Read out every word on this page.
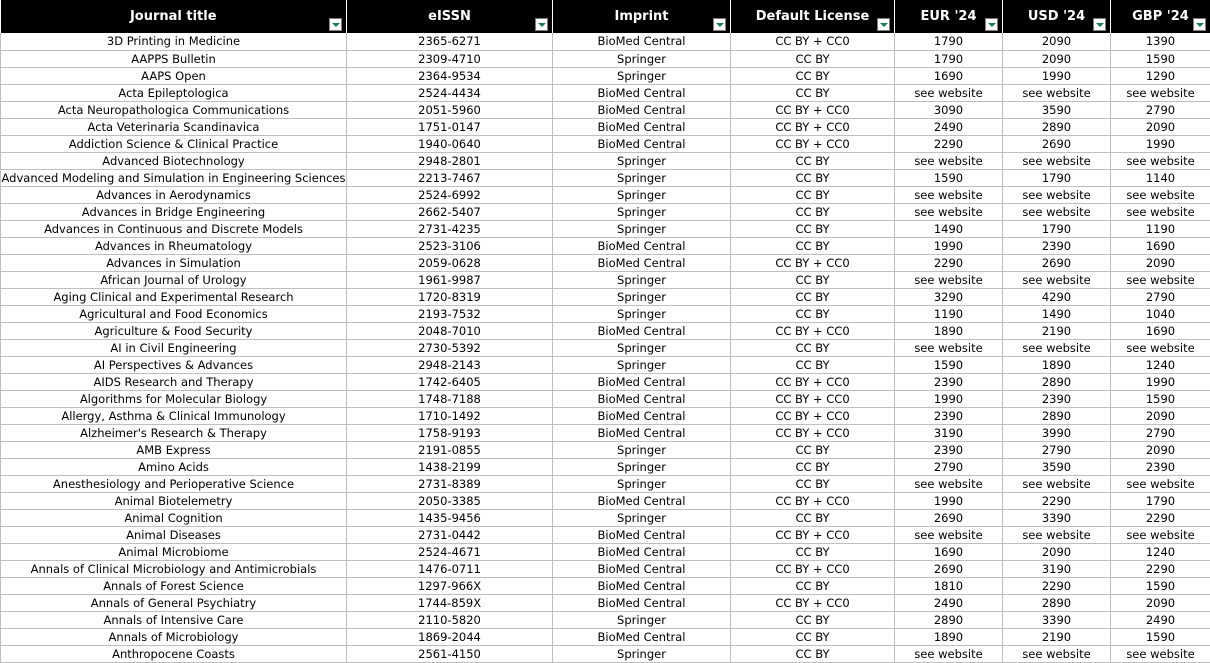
Journal title	eISSN	Imprint	Default License	EUR '24	USD '24	GBP '24

3D Printing in Medicine	2365-6271	BioMed Central	CC BY + CC0	1790	2090	1390
AAPPS Bulletin	2309-4710	Springer	CC BY	1790	2090	1590
AAPS Open	2364-9534	Springer	CC BY	1690	1990	1290
Acta Epileptologica	2524-4434	BioMed Central	CC BY	see website	see website	see website
Acta Neuropathologica Communications	2051-5960	BioMed Central	CC BY + CC0	3090	3590	2790
Acta Veterinaria Scandinavica	1751-0147	BioMed Central	CC BY + CC0	2490	2890	2090
Addiction Science & Clinical Practice	1940-0640	BioMed Central	CC BY + CC0	2290	2690	1990
Advanced Biotechnology	2948-2801	Springer	CC BY	see website	see website	see website
Advanced Modeling and Simulation in Engineering Sciences	2213-7467	Springer	CC BY	1590	1790	1140
Advances in Aerodynamics	2524-6992	Springer	CC BY	see website	see website	see website
Advances in Bridge Engineering	2662-5407	Springer	CC BY	see website	see website	see website
Advances in Continuous and Discrete Models	2731-4235	Springer	CC BY	1490	1790	1190
Advances in Rheumatology	2523-3106	BioMed Central	CC BY	1990	2390	1690
Advances in Simulation	2059-0628	BioMed Central	CC BY + CC0	2290	2690	2090
African Journal of Urology	1961-9987	Springer	CC BY	see website	see website	see website
Aging Clinical and Experimental Research	1720-8319	Springer	CC BY	3290	4290	2790
Agricultural and Food Economics	2193-7532	Springer	CC BY	1190	1490	1040
Agriculture & Food Security	2048-7010	BioMed Central	CC BY + CC0	1890	2190	1690
AI in Civil Engineering	2730-5392	Springer	CC BY	see website	see website	see website
AI Perspectives & Advances	2948-2143	Springer	CC BY	1590	1890	1240
AIDS Research and Therapy	1742-6405	BioMed Central	CC BY + CC0	2390	2890	1990
Algorithms for Molecular Biology	1748-7188	BioMed Central	CC BY + CC0	1990	2390	1590
Allergy, Asthma & Clinical Immunology	1710-1492	BioMed Central	CC BY + CC0	2390	2890	2090
Alzheimer's Research & Therapy	1758-9193	BioMed Central	CC BY + CC0	3190	3990	2790
AMB Express	2191-0855	Springer	CC BY	2390	2790	2090
Amino Acids	1438-2199	Springer	CC BY	2790	3590	2390
Anesthesiology and Perioperative Science	2731-8389	Springer	CC BY	see website	see website	see website
Animal Biotelemetry	2050-3385	BioMed Central	CC BY + CC0	1990	2290	1790
Animal Cognition	1435-9456	Springer	CC BY	2690	3390	2290
Animal Diseases	2731-0442	BioMed Central	CC BY + CC0	see website	see website	see website
Animal Microbiome	2524-4671	BioMed Central	CC BY	1690	2090	1240
Annals of Clinical Microbiology and Antimicrobials	1476-0711	BioMed Central	CC BY + CC0	2690	3190	2290
Annals of Forest Science	1297-966X	BioMed Central	CC BY	1810	2290	1590
Annals of General Psychiatry	1744-859X	BioMed Central	CC BY + CC0	2490	2890	2090
Annals of Intensive Care	2110-5820	Springer	CC BY	2890	3390	2490
Annals of Microbiology	1869-2044	BioMed Central	CC BY	1890	2190	1590
Anthropocene Coasts	2561-4150	Springer	CC BY	see website	see website	see website
